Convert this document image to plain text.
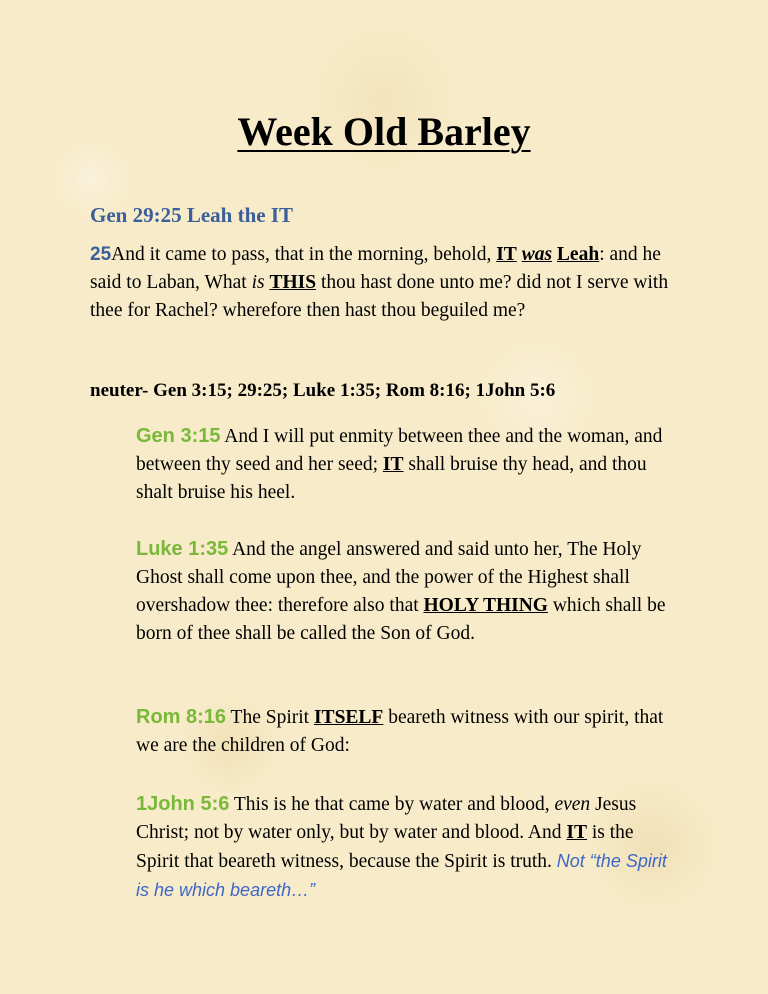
Week Old Barley
Gen 29:25 Leah the IT

25And it came to pass, that in the morning, behold, IT was Leah: and he said to Laban, What is THIS thou hast done unto me? did not I serve with thee for Rachel? wherefore then hast thou beguiled me?

neuter- Gen 3:15; 29:25; Luke 1:35; Rom 8:16; 1John 5:6

Gen 3:15 And I will put enmity between thee and the woman, and between thy seed and her seed; IT shall bruise thy head, and thou shalt bruise his heel.

Luke 1:35 And the angel answered and said unto her, The Holy Ghost shall come upon thee, and the power of the Highest shall overshadow thee: therefore also that HOLY THING which shall be born of thee shall be called the Son of God.

Rom 8:16 The Spirit ITSELF beareth witness with our spirit, that we are the children of God:

1John 5:6 This is he that came by water and blood, even Jesus Christ; not by water only, but by water and blood. And IT is the Spirit that beareth witness, because the Spirit is truth. Not “the Spirit is he which beareth…”
